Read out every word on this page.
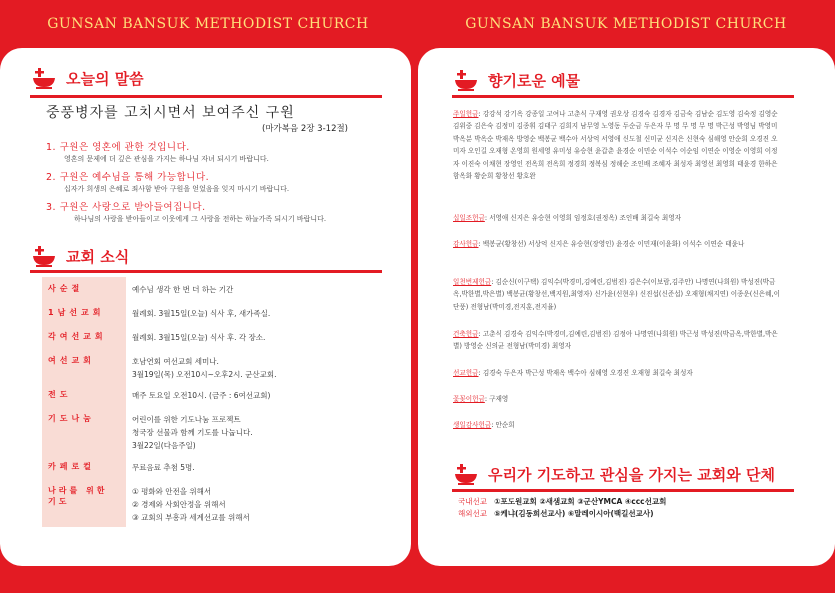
GUNSAN BANSUK METHODIST CHURCH	GUNSAN BANSUK METHODIST CHURCH
오늘의 말씀
중풍병자를 고치시면서 보여주신 구원
(마가복음 2장 3-12절)
1. 구원은 영혼에 관한 것입니다.
영혼의 문제에 더 깊은 관심을 가지는 하나님 자녀 되시기 바랍니다.
2. 구원은 예수님을 통해 가능합니다.
십자가 희생의 은혜로 죄사함 받아 구원을 얻었음을 잊지 마시기 바랍니다.
3. 구원은 사랑으로 받아들여집니다.
하나님의 사랑을 받아들이고 이웃에게 그 사랑을 전하는 하늘가족 되시기 바랍니다.
교회 소식
사순절	예수님 생각 한 번 더 하는 기간
1남선교회	월례회. 3월15일(오늘) 식사 후, 새가족실.
각여선교회	월례회. 3월15일(오늘) 식사 후. 각 장소.
여선교회	호남연회 여선교회 세미나.
3월19일(목) 오전10시~오후2시. 군산교회.
전도	매주 토요일 오전10시. (금주 : 6여선교회)
기도나눔	어린이를 위한 기도나눔 프로젝트
청국장 선물과 함께 기도를 나눕니다.
3월22일(다음주일)
카페로컬	무료음료 추첨 5명.
나라를 위한 기도
① 평화와 안전을 위해서
② 경제와 사회안정을 위해서
③ 교회의 부흥과 세계선교를 위해서
향기로운 예물
주일헌금: 강강석 강기옥 강종일 고여나 고춘식 구재영 권오상 김경숙 김경자 김금숙 김남순 김도영 김숙정 김영순 김위중 김은숙 김정미 김종휘 김태구 김희지 남무영 노영동 두순금 두은자 무 명 무 명 무 명 박근성 박영님 박영미 박옥분 박옥순 박재옥 방영순 백봉균 백수아 서상억 서영애 신도철 신미균 신지은 신현숙 심해영 안순희 오경진 오미자 오인길 오재형 온영희 원세영 유미성 유승현 윤갑춘 윤경순 이민순 이석수 이순임 이연순 이영순 이영희 이정자 이진숙 이채현 장영인 전옥희 전옥희 정경희 정복심 정해순 조인배 조혜자 최성자 최영선 최영희 태윤경 한하은 함옥화 황순희 황창선 황호완
십일조헌금: 서영애 신지은 유승현 이영희 임정호(권정옥) 조인배 최길숙 최영자
감사헌금: 백봉균(황창선) 서상억 신지은 유승현(장영인) 윤경순 이민재(이윤화) 이석수 이연순 태윤나
일천번제헌금: 김순신(이구택) 김익수(박경미,김예린,김범진) 김은수(이보람,김주안) 나명연(나희원) 박성진(박금옥,박한별,박은별) 백봉균(황창선,백지원,최영자) 신가윤(신현우) 신진섭(신준섭) 오재형(채지연) 이종운(신은혜,이단풍) 전형남(박미경,전지훈,전지율)
건축헌금: 고춘식 김경숙 김익수(박경미,김예린,김범진) 김정아 나명연(나희원) 박근성 박성진(박금옥,박한별,박은별) 방영순 신의균 전형남(박미경) 최영자
선교헌금: 김경숙 두은자 박근성 박재옥 백수아 심해영 오경진 오재형 최길숙 최성자
꽃꽂이헌금: 구재영
생일감사헌금: 안순희
우리가 기도하고 관심을 가지는 교회와 단체
국내선교 ①포도원교회 ②새샘교회 ③군산YMCA ④ccc선교회
해외선교 ⑤케냐(김동희선교사) ⑥말레이시아(백길선교사)
